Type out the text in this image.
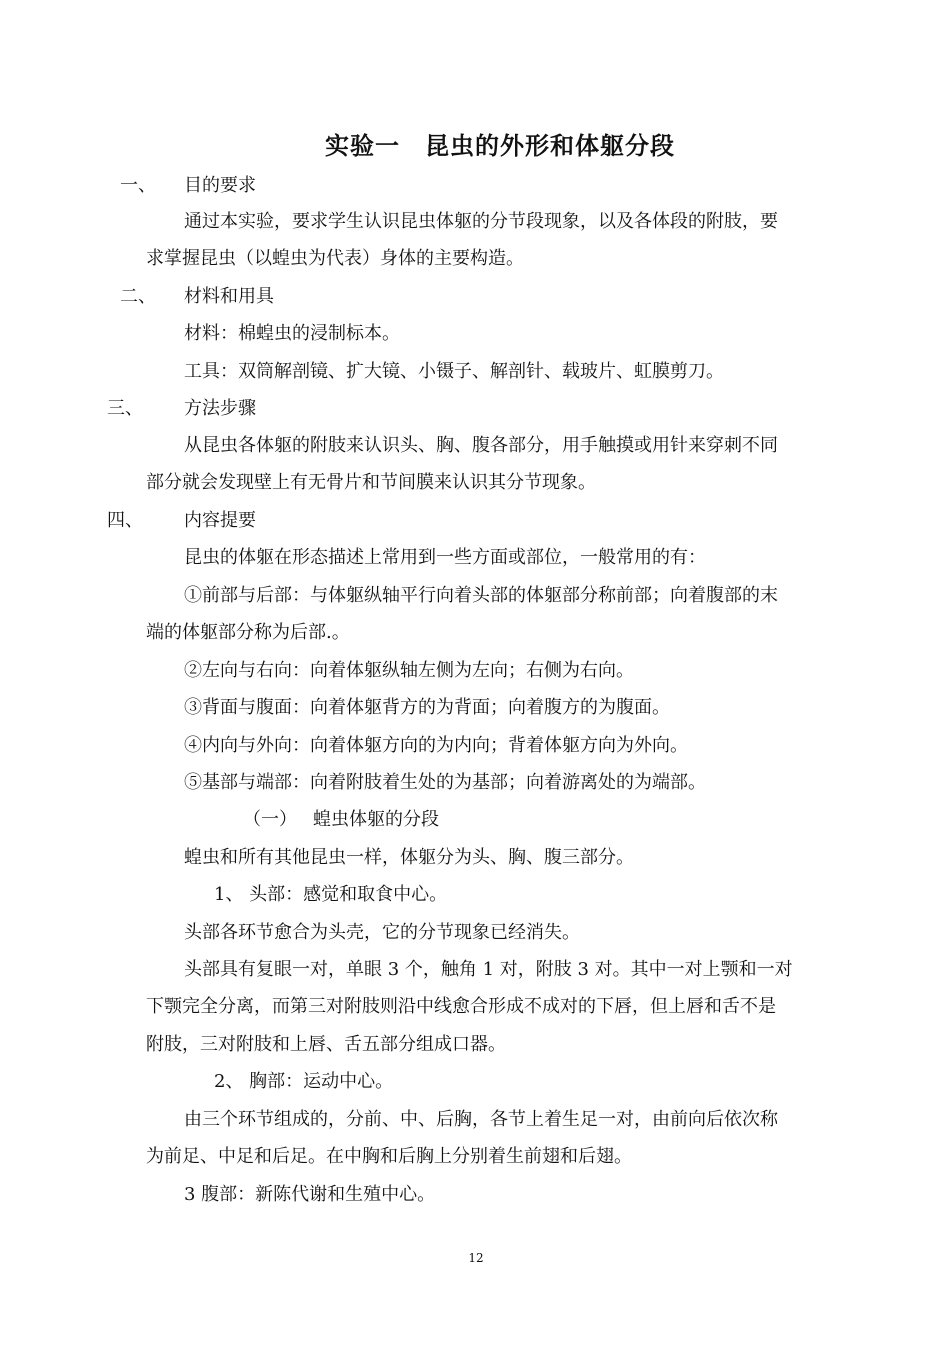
实验一　昆虫的外形和体躯分段
一、 目的要求
通过本实验，要求学生认识昆虫体躯的分节段现象，以及各体段的附肢，要
求掌握昆虫（以蝗虫为代表）身体的主要构造。
二、 材料和用具
材料：棉蝗虫的浸制标本。
工具：双筒解剖镜、扩大镜、小镊子、解剖针、载玻片、虹膜剪刀。
三、 方法步骤
从昆虫各体躯的附肢来认识头、胸、腹各部分，用手触摸或用针来穿刺不同
部分就会发现壁上有无骨片和节间膜来认识其分节现象。
四、 内容提要
昆虫的体躯在形态描述上常用到一些方面或部位，一般常用的有：
①前部与后部：与体躯纵轴平行向着头部的体躯部分称前部；向着腹部的末
端的体躯部分称为后部.。
②左向与右向：向着体躯纵轴左侧为左向；右侧为右向。
③背面与腹面：向着体躯背方的为背面；向着腹方的为腹面。
④内向与外向：向着体躯方向的为内向；背着体躯方向为外向。
⑤基部与端部：向着附肢着生处的为基部；向着游离处的为端部。
（一） 蝗虫体躯的分段
蝗虫和所有其他昆虫一样，体躯分为头、胸、腹三部分。
1、 头部：感觉和取食中心。
头部各环节愈合为头壳，它的分节现象已经消失。
头部具有复眼一对，单眼 3 个，触角 1 对，附肢 3 对。其中一对上颚和一对
下颚完全分离，而第三对附肢则沿中线愈合形成不成对的下唇，但上唇和舌不是
附肢，三对附肢和上唇、舌五部分组成口器。
2、 胸部：运动中心。
由三个环节组成的，分前、中、后胸，各节上着生足一对，由前向后依次称
为前足、中足和后足。在中胸和后胸上分别着生前翅和后翅。
3 腹部：新陈代谢和生殖中心。
12
